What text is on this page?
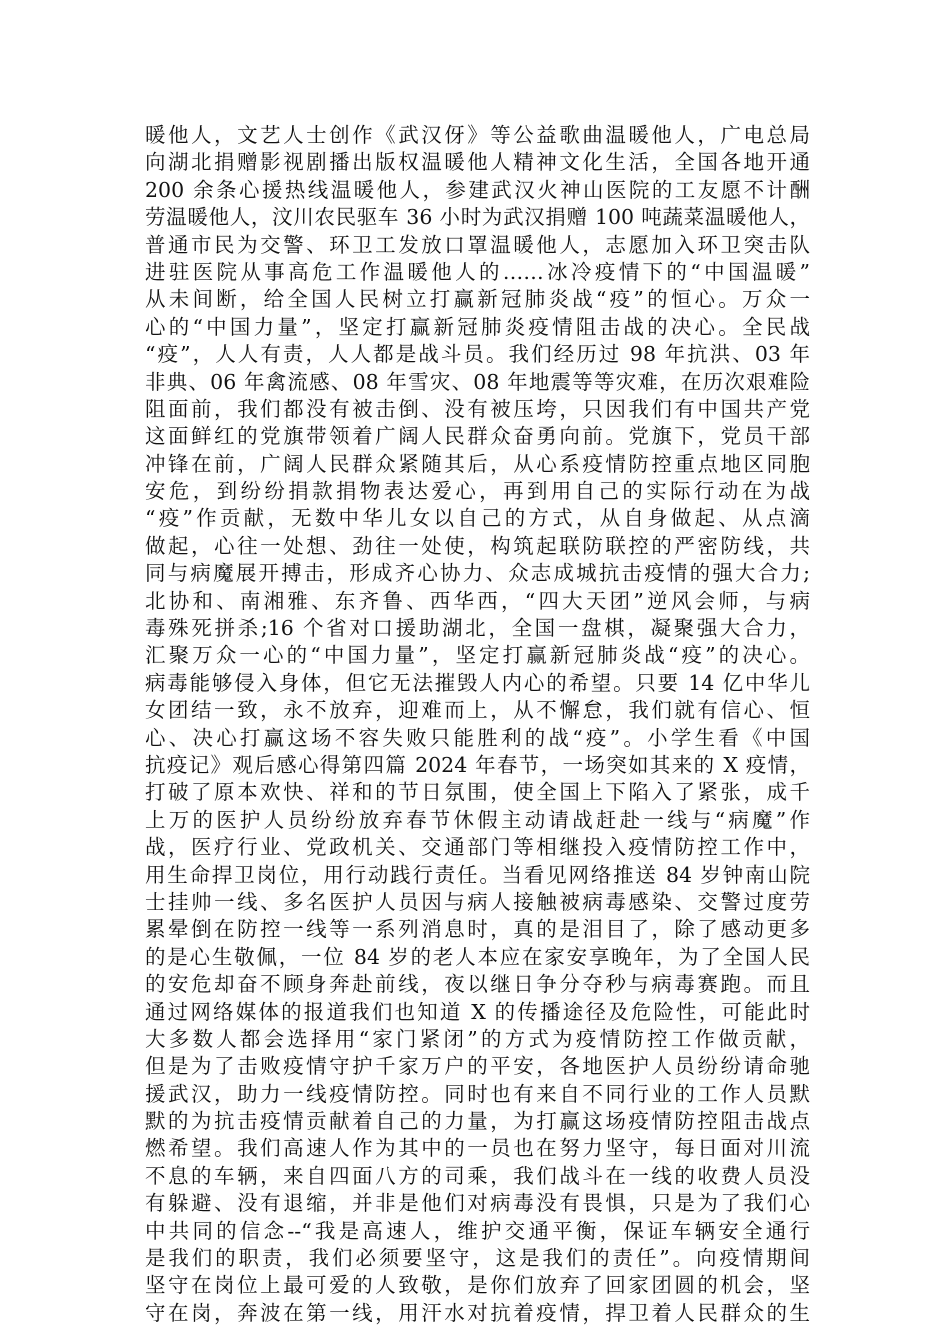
暖他人，文艺人士创作《武汉伢》等公益歌曲温暖他人，广电总局
向湖北捐赠影视剧播出版权温暖他人精神文化生活，全国各地开通
200 余条心援热线温暖他人，参建武汉火神山医院的工友愿不计酬
劳温暖他人，汶川农民驱车 36 小时为武汉捐赠 100 吨蔬菜温暖他人，
普通市民为交警、环卫工发放口罩温暖他人，志愿加入环卫突击队
进驻医院从事高危工作温暖他人的……冰冷疫情下的“中国温暖”
从未间断，给全国人民树立打赢新冠肺炎战“疫”的恒心。万众一
心的“中国力量”，坚定打赢新冠肺炎疫情阻击战的决心。全民战
“疫”，人人有责，人人都是战斗员。我们经历过 98 年抗洪、03 年
非典、06 年禽流感、08 年雪灾、08 年地震等等灾难，在历次艰难险
阻面前，我们都没有被击倒、没有被压垮，只因我们有中国共产党
这面鲜红的党旗带领着广阔人民群众奋勇向前。党旗下，党员干部
冲锋在前，广阔人民群众紧随其后，从心系疫情防控重点地区同胞
安危，到纷纷捐款捐物表达爱心，再到用自己的实际行动在为战
“疫”作贡献，无数中华儿女以自己的方式，从自身做起、从点滴
做起，心往一处想、劲往一处使，构筑起联防联控的严密防线，共
同与病魔展开搏击，形成齐心协力、众志成城抗击疫情的强大合力;
北协和、南湘雅、东齐鲁、西华西，“四大天团”逆风会师，与病
毒殊死拼杀;16 个省对口援助湖北，全国一盘棋，凝聚强大合力，
汇聚万众一心的“中国力量”，坚定打赢新冠肺炎战“疫”的决心。
病毒能够侵入身体，但它无法摧毁人内心的希望。只要 14 亿中华儿
女团结一致，永不放弃，迎难而上，从不懈怠，我们就有信心、恒
心、决心打赢这场不容失败只能胜利的战“疫”。小学生看《中国
抗疫记》观后感心得第四篇 2024 年春节，一场突如其来的 X 疫情，
打破了原本欢快、祥和的节日氛围，使全国上下陷入了紧张，成千
上万的医护人员纷纷放弃春节休假主动请战赶赴一线与“病魔”作
战，医疗行业、党政机关、交通部门等相继投入疫情防控工作中，
用生命捍卫岗位，用行动践行责任。当看见网络推送 84 岁钟南山院
士挂帅一线、多名医护人员因与病人接触被病毒感染、交警过度劳
累晕倒在防控一线等一系列消息时，真的是泪目了，除了感动更多
的是心生敬佩，一位 84 岁的老人本应在家安享晚年，为了全国人民
的安危却奋不顾身奔赴前线，夜以继日争分夺秒与病毒赛跑。而且
通过网络媒体的报道我们也知道 X 的传播途径及危险性，可能此时
大多数人都会选择用“家门紧闭”的方式为疫情防控工作做贡献，
但是为了击败疫情守护千家万户的平安，各地医护人员纷纷请命驰
援武汉，助力一线疫情防控。同时也有来自不同行业的工作人员默
默的为抗击疫情贡献着自己的力量，为打赢这场疫情防控阻击战点
燃希望。我们高速人作为其中的一员也在努力坚守，每日面对川流
不息的车辆，来自四面八方的司乘，我们战斗在一线的收费人员没
有躲避、没有退缩，并非是他们对病毒没有畏惧，只是为了我们心
中共同的信念--“我是高速人，维护交通平衡，保证车辆安全通行
是我们的职责，我们必须要坚守，这是我们的责任”。向疫情期间
坚守在岗位上最可爱的人致敬，是你们放弃了回家团圆的机会，坚
守在岗，奔波在第一线，用汗水对抗着疫情，捍卫着人民群众的生
